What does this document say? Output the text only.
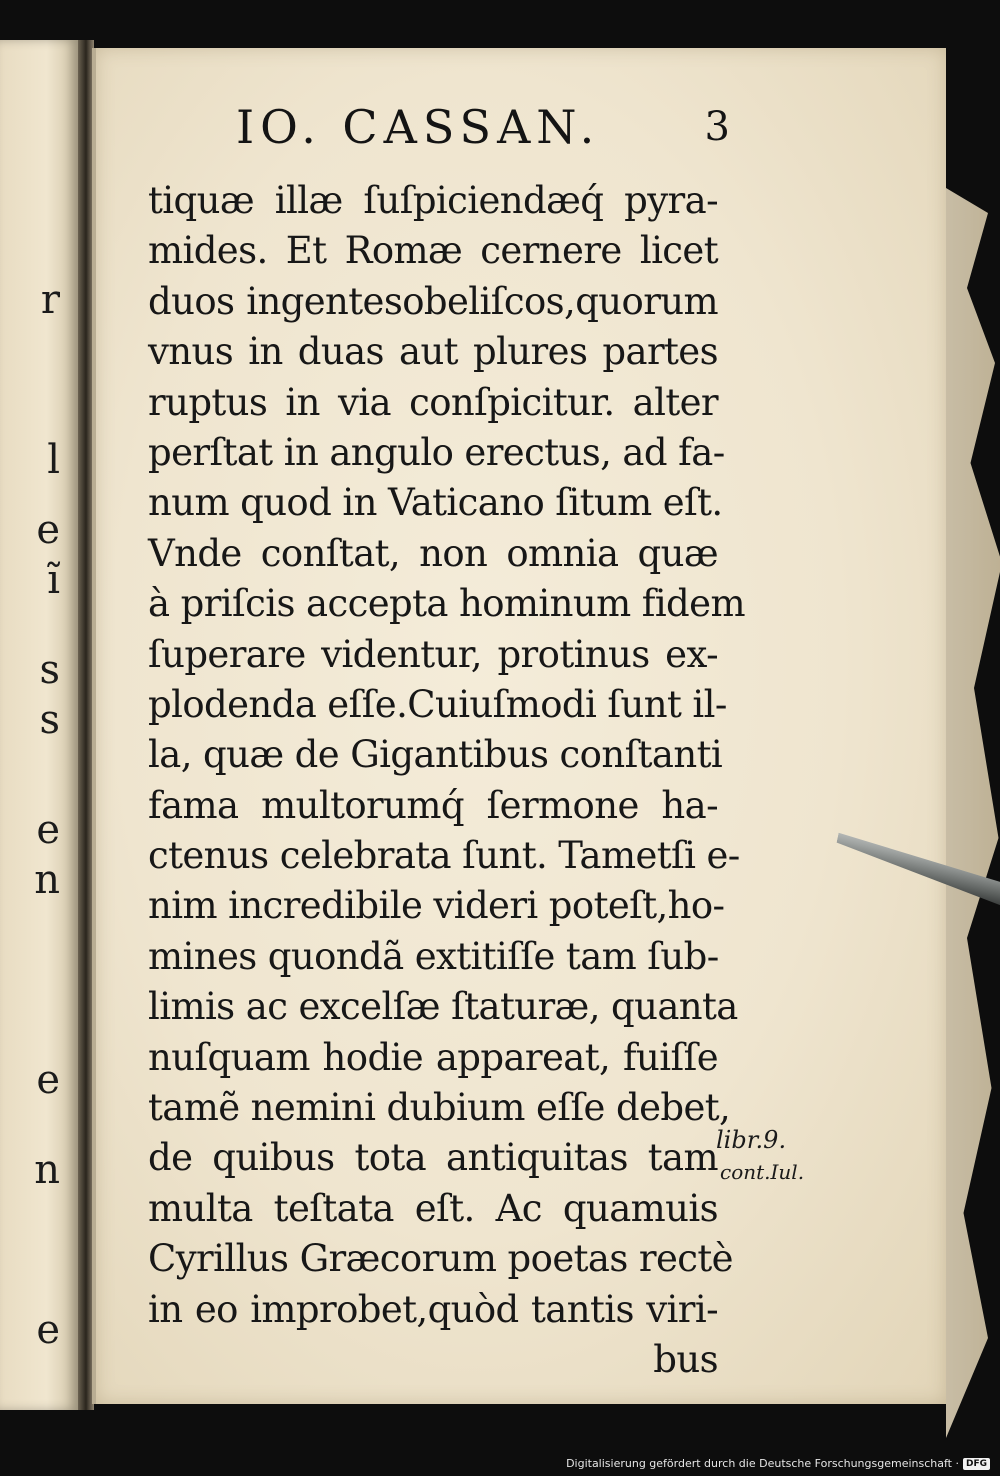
r
l
e
ĩ
s
s
e
n
e
n
e
IO. CASSAN.	3
tiquæ illæ ſuſpiciendæq́ pyra-
mides. Et Romæ cernere licet
duos ingentesobeliſcos,quorum
vnus in duas aut plures partes
ruptus in via conſpicitur. alter
perſtat in angulo erectus, ad fa-
num quod in Vaticano ſitum eſt.
Vnde conſtat, non omnia quæ
à priſcis accepta hominum fidem
ſuperare videntur, protinus ex-
plodenda eſſe.Cuiuſmodi ſunt il-
la, quæ de Gigantibus conſtanti
fama multorumq́ ſermone ha-
ctenus celebrata ſunt. Tametſi e-
nim incredibile videri poteſt,ho-
mines quondã extitiſſe tam ſub-
limis ac excelſæ ſtaturæ, quanta
nuſquam hodie appareat, fuiſſe
tamẽ nemini dubium eſſe debet,
de quibus tota antiquitas tam
multa teſtata eſt. Ac quamuis
Cyrillus Græcorum poetas rectè
in eo improbet,quòd tantis viri-
bus
libr.9.
cont.Iul.
Digitalisierung gefördert durch die Deutsche Forschungsgemeinschaft · DFG
